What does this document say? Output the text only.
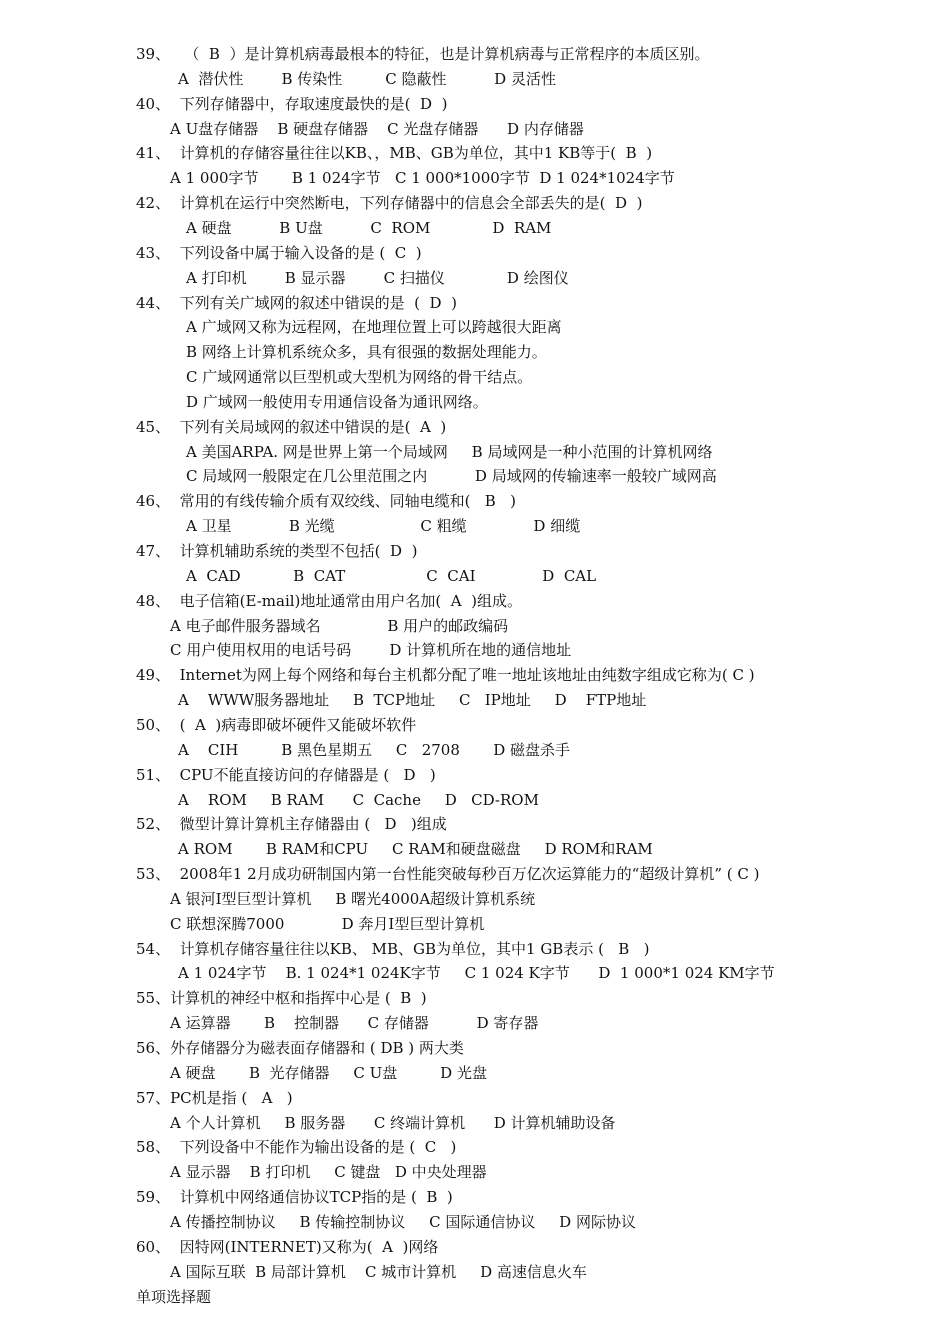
39、   （  B  ）是计算机病毒最根本的特征，也是计算机病毒与正常程序的本质区别。
A  潜伏性        B 传染性         C 隐蔽性          D 灵活性
40、  下列存储器中，存取速度最快的是(  D  )
A U盘存储器    B 硬盘存储器    C 光盘存储器      D 内存储器
41、  计算机的存储容量往往以KB、，MB、GB为单位，其中1 KB等于(  B  )
A 1 000字节       B 1 024字节   C 1 000*1000字节  D 1 024*1024字节
42、  计算机在运行中突然断电，下列存储器中的信息会全部丢失的是(  D  )
A 硬盘          B U盘          C  ROM             D  RAM
43、  下列设备中属于输入设备的是 (  C  )
A 打印机        B 显示器        C 扫描仪             D 绘图仪
44、  下列有关广域网的叙述中错误的是  (  D  )
A 广域网又称为远程网，在地理位置上可以跨越很大距离
B 网络上计算机系统众多，具有很强的数据处理能力。
C 广域网通常以巨型机或大型机为网络的骨干结点。
D 广域网一般使用专用通信设备为通讯网络。
45、  下列有关局域网的叙述中错误的是(  A  )
A 美国ARPA. 网是世界上第一个局域网     B 局域网是一种小范围的计算机网络
C 局域网一般限定在几公里范围之内          D 局域网的传输速率一般较广域网高
46、  常用的有线传输介质有双绞线、同轴电缆和(   B   )
A 卫星            B 光缆                  C 粗缆              D 细缆
47、  计算机辅助系统的类型不包括(  D  )
A  CAD           B  CAT                 C  CAI              D  CAL
48、  电子信箱(E-mail)地址通常由用户名加(  A  )组成。
A 电子邮件服务器域名              B 用户的邮政编码
C 用户使用权用的电话号码        D 计算机所在地的通信地址
49、  Internet为网上每个网络和每台主机都分配了唯一地址该地址由纯数字组成它称为( C )
A    WWW服务器地址     B  TCP地址     C   IP地址     D    FTP地址
50、  (  A  )病毒即破坏硬件又能破坏软件
A    CIH         B 黑色星期五     C   2708       D 磁盘杀手
51、  CPU不能直接访问的存储器是 (   D   )
A    ROM     B RAM      C  Cache     D   CD-ROM
52、  微型计算计算机主存储器由 (   D   )组成
A ROM       B RAM和CPU     C RAM和硬盘磁盘     D ROM和RAM
53、  2008年1 2月成功研制国内第一台性能突破每秒百万亿次运算能力的“超级计算机” ( C )
A 银河I型巨型计算机     B 曙光4000A超级计算机系统
C 联想深腾7000            D 奔月I型巨型计算机
54、  计算机存储容量往往以KB、 MB、GB为单位，其中1 GB表示 (   B   )
A 1 024字节    B. 1 024*1 024K字节     C 1 024 K字节      D  1 000*1 024 KM字节
55、计算机的神经中枢和指挥中心是 (  B  )
A 运算器       B    控制器      C 存储器          D 寄存器
56、外存储器分为磁表面存储器和 ( DB ) 两大类
A 硬盘       B  光存储器     C U盘         D 光盘
57、PC机是指 (   A   )
A 个人计算机     B 服务器      C 终端计算机      D 计算机辅助设备
58、  下列设备中不能作为输出设备的是 (  C   )
A 显示器    B 打印机     C 键盘   D 中央处理器
59、  计算机中网络通信协议TCP指的是 (  B  )
A 传播控制协议     B 传输控制协议     C 国际通信协议     D 网际协议
60、  因特网(INTERNET)又称为(  A  )网络
A 国际互联  B 局部计算机    C 城市计算机     D 高速信息火车
单项选择题
